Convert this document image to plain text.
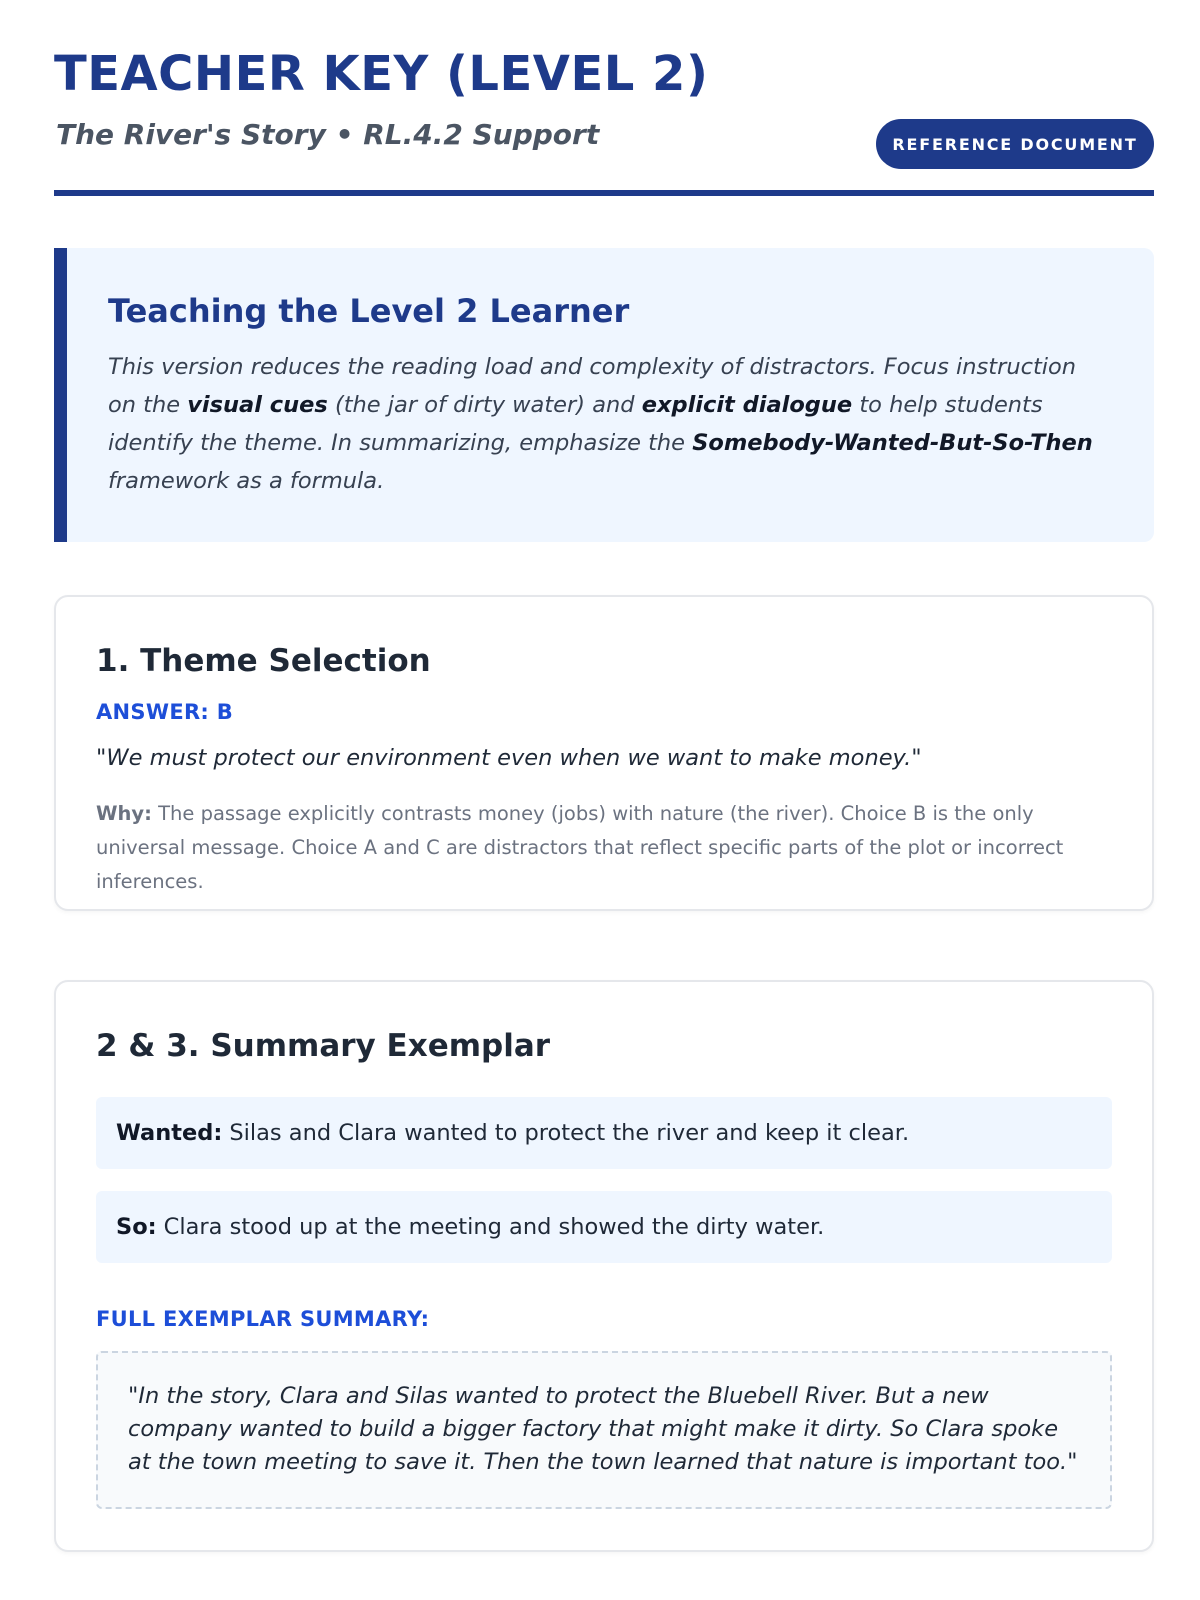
TEACHER KEY (LEVEL 2)
The River's Story • RL.4.2 Support	REFERENCE DOCUMENT
Teaching the Level 2 Learner

This version reduces the reading load and complexity of distractors. Focus instruction on the visual cues (the jar of dirty water) and explicit dialogue to help students identify the theme. In summarizing, emphasize the Somebody-Wanted-But-So-Then framework as a formula.

1. Theme Selection

ANSWER: B

"We must protect our environment even when we want to make money."

Why: The passage explicitly contrasts money (jobs) with nature (the river). Choice B is the only universal message. Choice A and C are distractors that reflect specific parts of the plot or incorrect inferences.

2 & 3. Summary Exemplar
Wanted: Silas and Clara wanted to protect the river and keep it clear.
So: Clara stood up at the meeting and showed the dirty water.

FULL EXEMPLAR SUMMARY:

"In the story, Clara and Silas wanted to protect the Bluebell River. But a new company wanted to build a bigger factory that might make it dirty. So Clara spoke at the town meeting to save it. Then the town learned that nature is important too."
